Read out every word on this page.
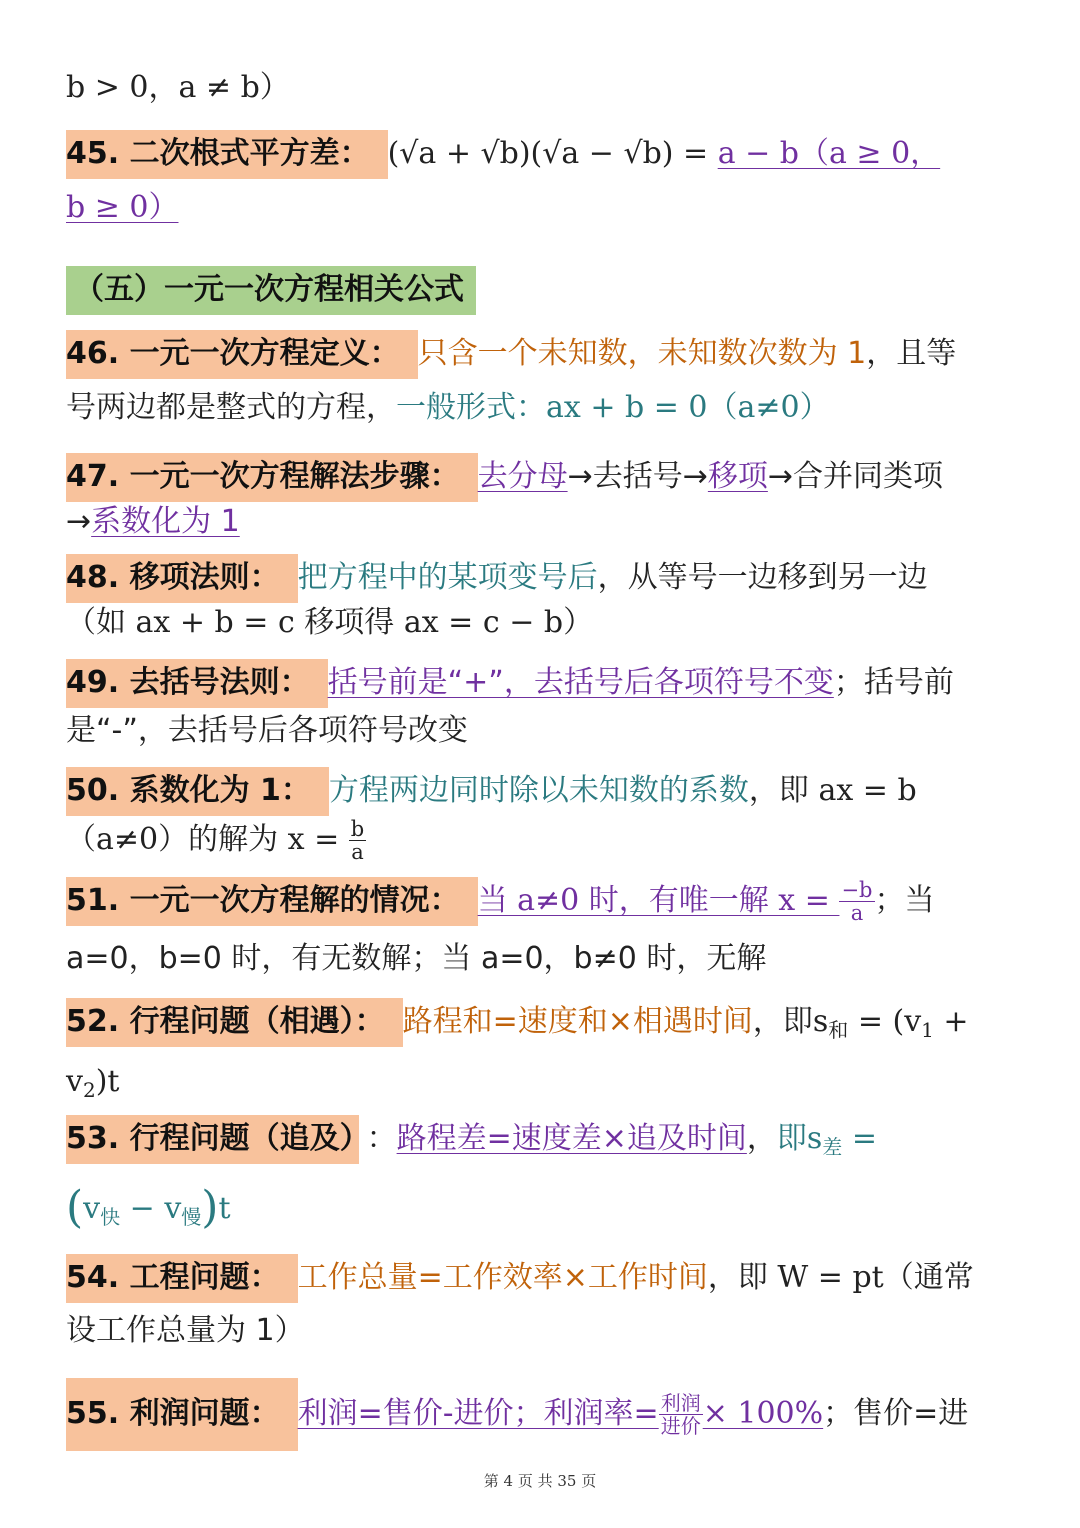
b > 0，a ≠ b）
45. 二次根式平方差： (√a + √b)(√a − √b) = a − b（a ≥ 0，
b ≥ 0）
（五）一元一次方程相关公式
46. 一元一次方程定义： 只含一个未知数，未知数次数为 1，且等
号两边都是整式的方程，一般形式：ax + b = 0（a≠0）
47. 一元一次方程解法步骤： 去分母→去括号→移项→合并同类项
→系数化为 1
48. 移项法则： 把方程中的某项变号后，从等号一边移到另一边
（如 ax + b = c 移项得 ax = c − b）
49. 去括号法则： 括号前是“+”，去括号后各项符号不变；括号前
是“-”，去括号后各项符号改变
50. 系数化为 1： 方程两边同时除以未知数的系数，即 ax = b
（a≠0）的解为 $x = \frac{b}{a}$
51. 一元一次方程解的情况： 当 a≠0 时，有唯一解 $x = \frac{-b}{a}$ ；当
a=0，b=0 时，有无数解；当 a=0，b≠0 时，无解
52. 行程问题（相遇）： 路程和=速度和×相遇时间，即$s_和 = (v_1$ +
$v_2)t$
53. 行程问题（追及） ：路程差=速度差×追及时间，即$s_差$ =
$(v_快 - v_慢)t$
54. 工程问题： 工作总量=工作效率×工作时间，即 W = pt（通常
设工作总量为 1）
55. 利润问题： 利润=售价-进价；利润率= $\frac{\text{利润}}{\text{进价}} \times 100\%$；售价=进
第 4 页 共 35 页
